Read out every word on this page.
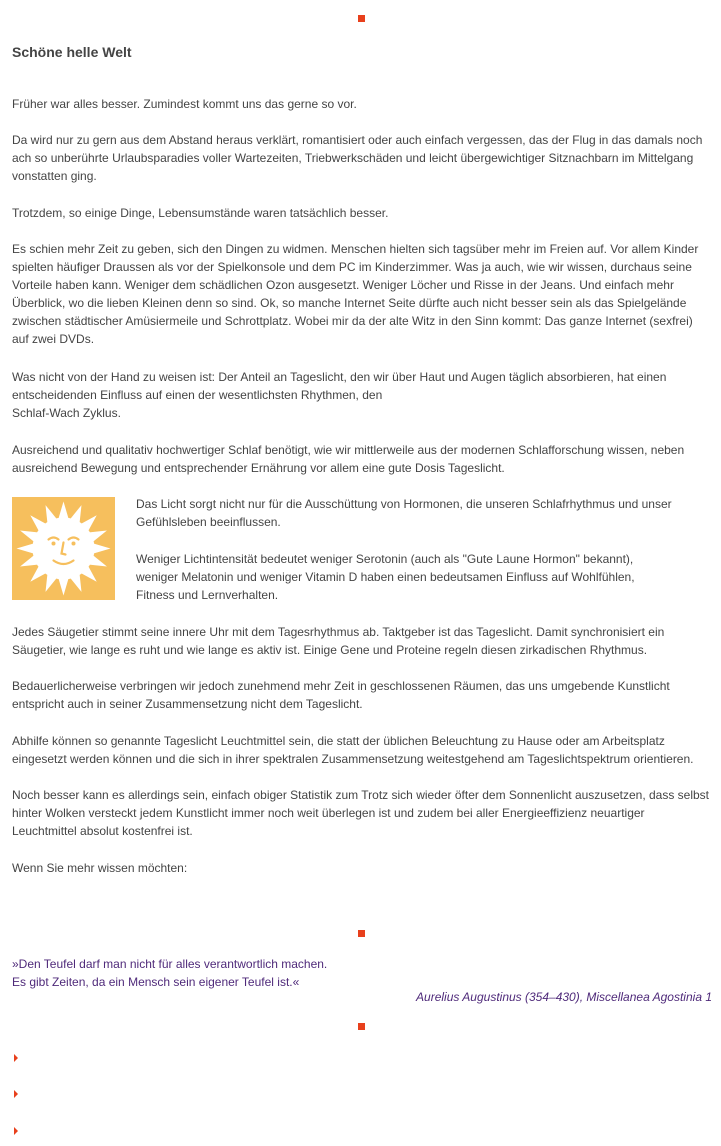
Schöne helle Welt

Früher war alles besser. Zumindest kommt uns das gerne so vor.

Da wird nur zu gern aus dem Abstand heraus verklärt, romantisiert oder auch einfach vergessen, das der Flug in das damals noch ach so unberührte Urlaubsparadies voller Wartezeiten, Triebwerkschäden und leicht übergewichtiger Sitznachbarn im Mittelgang vonstatten ging.

Trotzdem, so einige Dinge, Lebensumstände waren tatsächlich besser.

Es schien mehr Zeit zu geben, sich den Dingen zu widmen. Menschen hielten sich tagsüber mehr im Freien auf. Vor allem Kinder spielten häufiger Draussen als vor der Spielkonsole und dem PC im Kinderzimmer. Was ja auch, wie wir wissen, durchaus seine Vorteile haben kann. Weniger dem schädlichen Ozon ausgesetzt. Weniger Löcher und Risse in der Jeans. Und einfach mehr Überblick, wo die lieben Kleinen denn so sind. Ok, so manche Internet Seite dürfte auch nicht besser sein als das Spielgelände zwischen städtischer Amüsiermeile und Schrottplatz. Wobei mir da der alte Witz in den Sinn kommt: Das ganze Internet (sexfrei) auf zwei DVDs.

Was nicht von der Hand zu weisen ist: Der Anteil an Tageslicht, den wir über Haut und Augen täglich absorbieren, hat einen entscheidenden Einfluss auf einen der wesentlichsten Rhythmen, den
Schlaf-Wach Zyklus.

Ausreichend und qualitativ hochwertiger Schlaf benötigt, wie wir mittlerweile aus der modernen Schlafforschung wissen, neben ausreichend Bewegung und entsprechender Ernährung vor allem eine gute Dosis Tageslicht.

Das Licht sorgt nicht nur für die Ausschüttung von Hormonen, die unseren Schlafrhythmus und unser Gefühlsleben beeinflussen.

Weniger Lichtintensität bedeutet weniger Serotonin (auch als "Gute Laune Hormon" bekannt),
weniger Melatonin und weniger Vitamin D haben einen bedeutsamen Einfluss auf Wohlfühlen,
Fitness und Lernverhalten.

Jedes Säugetier stimmt seine innere Uhr mit dem Tagesrhythmus ab. Taktgeber ist das Tageslicht. Damit synchronisiert ein Säugetier, wie lange es ruht und wie lange es aktiv ist. Einige Gene und Proteine regeln diesen zirkadischen Rhythmus.

Bedauerlicherweise verbringen wir jedoch zunehmend mehr Zeit in geschlossenen Räumen, das uns umgebende Kunstlicht entspricht auch in seiner Zusammensetzung nicht dem Tageslicht.

Abhilfe können so genannte Tageslicht Leuchtmittel sein, die statt der üblichen Beleuchtung zu Hause oder am Arbeitsplatz eingesetzt werden können und die sich in ihrer spektralen Zusammensetzung weitestgehend am Tageslichtspektrum orientieren.

Noch besser kann es allerdings sein, einfach obiger Statistik zum Trotz sich wieder öfter dem Sonnenlicht auszusetzen, dass selbst hinter Wolken versteckt jedem Kunstlicht immer noch weit überlegen ist und zudem bei aller Energieeffizienz neuartiger Leuchtmittel absolut kostenfrei ist.

Wenn Sie mehr wissen möchten:

»Den Teufel darf man nicht für alles verantwortlich machen.
Es gibt Zeiten, da ein Mensch sein eigener Teufel ist.«

Aurelius Augustinus (354–430), Miscellanea Agostinia 1
